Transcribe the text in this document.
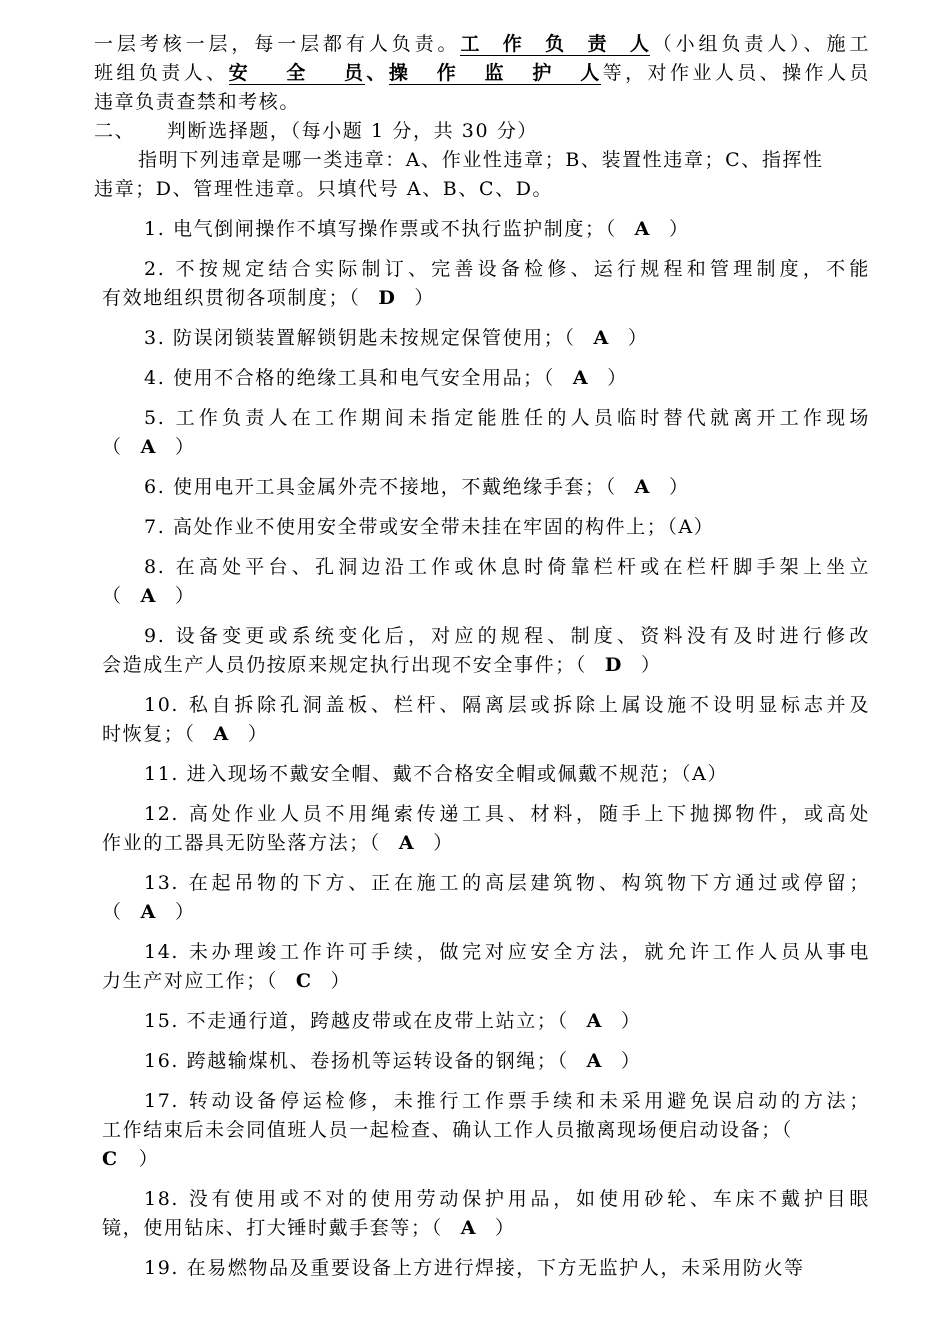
一层考核一层，每一层都有人负责。工作负责人（小组负责人）、施工
班组负责人、安全员、操作监护人等，对作业人员、操作人员
违章负责查禁和考核。
二、　　判断选择题，（每小题 1 分，共 30 分）
指明下列违章是哪一类违章：A、作业性违章；B、装置性违章；C、指挥性
违章；D、管理性违章。只填代号 A、B、C、D。
1. 电气倒闸操作不填写操作票或不执行监护制度；（ A ）
2. 不按规定结合实际制订、完善设备检修、运行规程和管理制度，不能
有效地组织贯彻各项制度；（ D ）
3. 防误闭锁装置解锁钥匙未按规定保管使用；（ A ）
4. 使用不合格的绝缘工具和电气安全用品；（ A ）
5. 工作负责人在工作期间未指定能胜任的人员临时替代就离开工作现场
（ A ）
6. 使用电开工具金属外壳不接地，不戴绝缘手套；（ A ）
7. 高处作业不使用安全带或安全带未挂在牢固的构件上；（A）
8. 在高处平台、孔洞边沿工作或休息时倚靠栏杆或在栏杆脚手架上坐立
（ A ）
9. 设备变更或系统变化后，对应的规程、制度、资料没有及时进行修改
会造成生产人员仍按原来规定执行出现不安全事件；（ D ）
10. 私自拆除孔洞盖板、栏杆、隔离层或拆除上属设施不设明显标志并及
时恢复；（ A ）
11. 进入现场不戴安全帽、戴不合格安全帽或佩戴不规范；（A）
12. 高处作业人员不用绳索传递工具、材料，随手上下抛掷物件，或高处
作业的工器具无防坠落方法；（ A ）
13. 在起吊物的下方、正在施工的高层建筑物、构筑物下方通过或停留；
（ A ）
14. 未办理竣工作许可手续，做完对应安全方法，就允许工作人员从事电
力生产对应工作；（ C ）
15. 不走通行道，跨越皮带或在皮带上站立；（ A ）
16. 跨越输煤机、卷扬机等运转设备的钢绳；（ A ）
17. 转动设备停运检修，未推行工作票手续和未采用避免误启动的方法；
工作结束后未会同值班人员一起检查、确认工作人员撤离现场便启动设备；（
C ）
18. 没有使用或不对的使用劳动保护用品，如使用砂轮、车床不戴护目眼
镜，使用钻床、打大锤时戴手套等；（ A ）
19. 在易燃物品及重要设备上方进行焊接，下方无监护人，未采用防火等
